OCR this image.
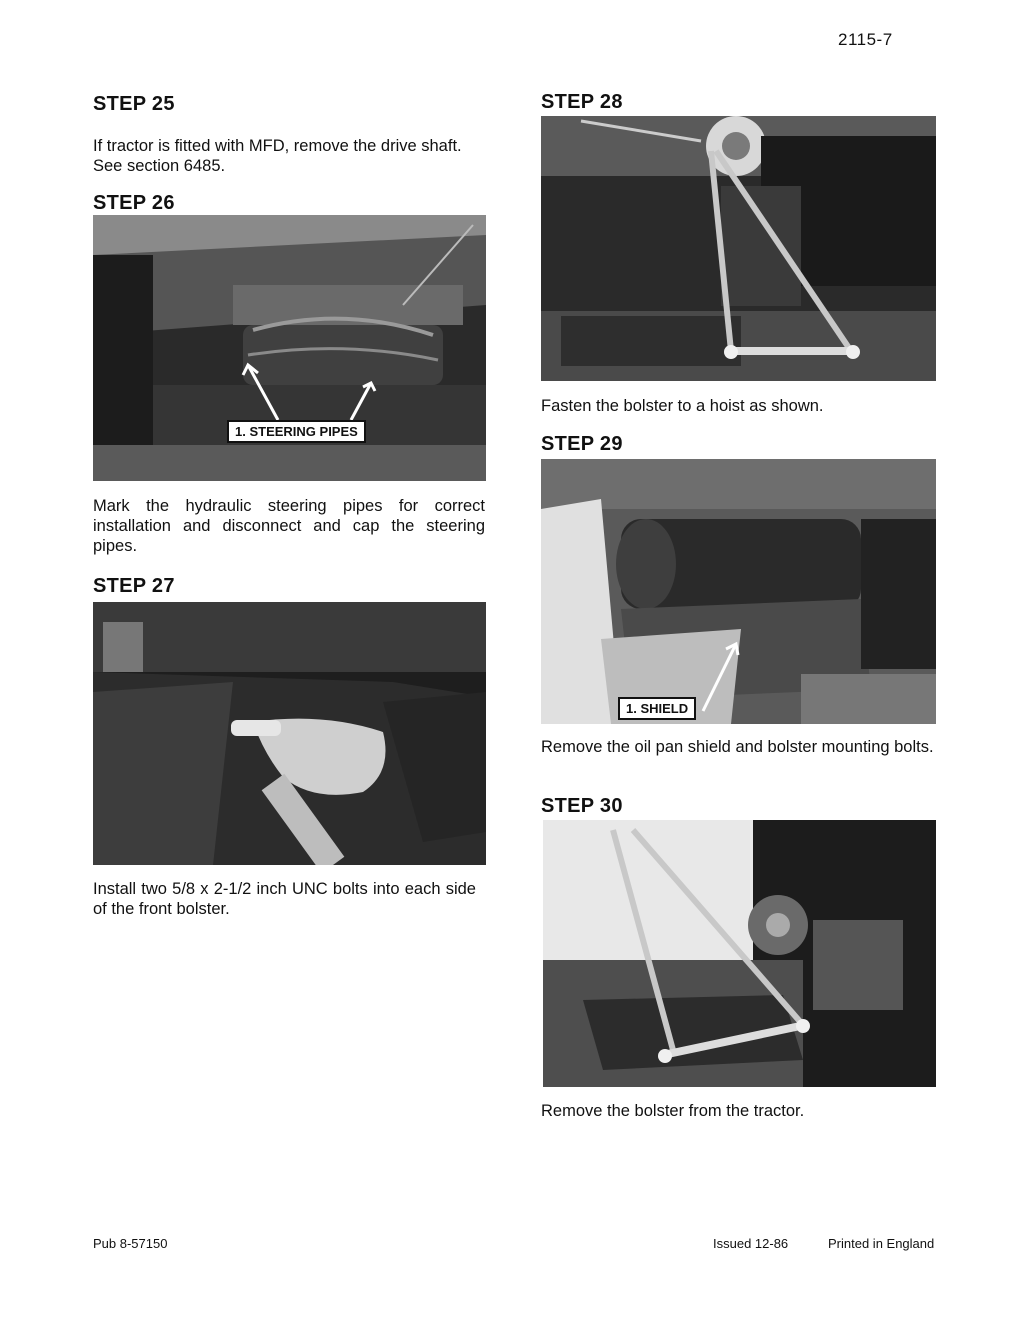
2115-7
STEP 25
If tractor is fitted with MFD, remove the drive shaft.
See section 6485.
STEP 26
1. STEERING PIPES
Mark the hydraulic steering pipes for correct installation and disconnect and cap the steering pipes.
STEP 27
Install two 5/8 x 2-1/2 inch UNC bolts into each side of the front bolster.
STEP 28
Fasten the bolster to a hoist as shown.
STEP 29
1. SHIELD
Remove the oil pan shield and bolster mounting bolts.
STEP 30
Remove the bolster from the tractor.
Pub 8-57150	Issued 12-86	Printed in England
